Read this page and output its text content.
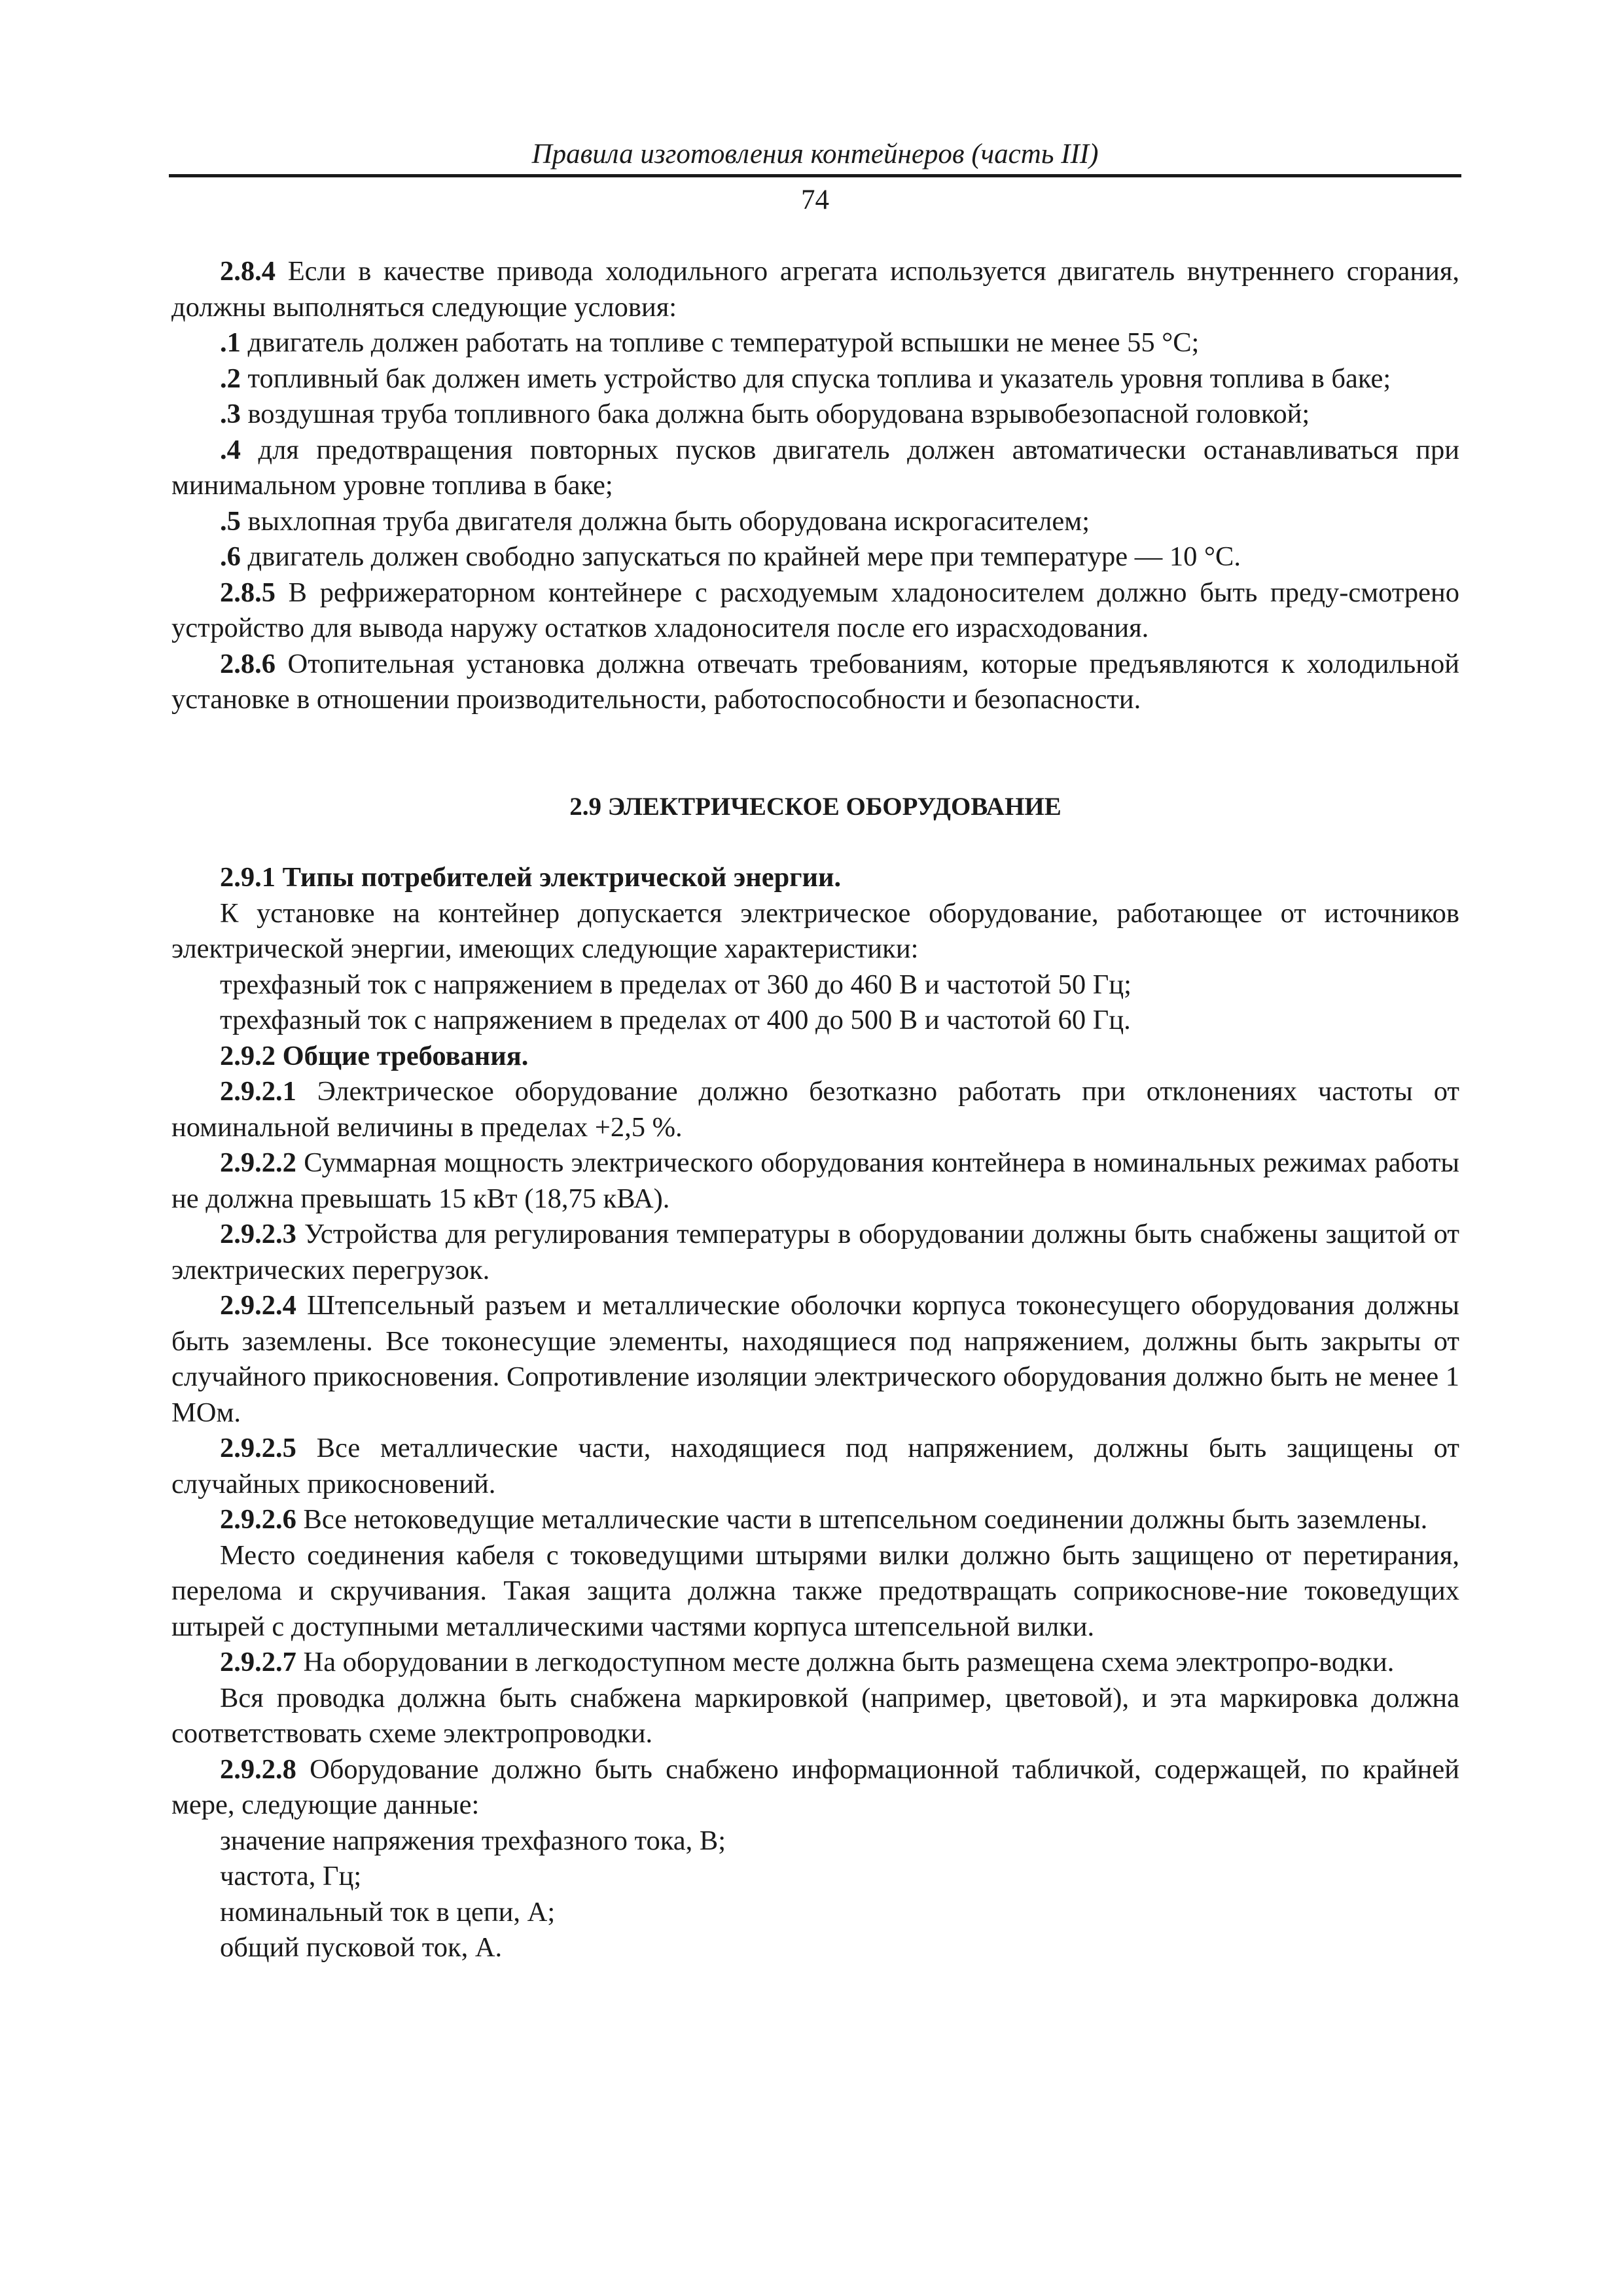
Правила изготовления контейнеров (часть III)
74

2.8.4 Если в качестве привода холодильного агрегата используется двигатель внутреннего сгорания, должны выполняться следующие условия:

.1 двигатель должен работать на топливе с температурой вспышки не менее 55 °С;

.2 топливный бак должен иметь устройство для спуска топлива и указатель уровня топлива в баке;

.3 воздушная труба топливного бака должна быть оборудована взрывобезопасной головкой;

.4 для предотвращения повторных пусков двигатель должен автоматически останавливаться при минимальном уровне топлива в баке;

.5 выхлопная труба двигателя должна быть оборудована искрогасителем;

.6 двигатель должен свободно запускаться по крайней мере при температуре — 10 °С.

2.8.5 В рефрижераторном контейнере с расходуемым хладоносителем должно быть преду-смотрено устройство для вывода наружу остатков хладоносителя после его израсходования.

2.8.6 Отопительная установка должна отвечать требованиям, которые предъявляются к холодильной установке в отношении производительности, работоспособности и безопасности.

2.9 ЭЛЕКТРИЧЕСКОЕ ОБОРУДОВАНИЕ

2.9.1 Типы потребителей электрической энергии.

К установке на контейнер допускается электрическое оборудование, работающее от источников электрической энергии, имеющих следующие характеристики:

трехфазный ток с напряжением в пределах от 360 до 460 В и частотой 50 Гц;

трехфазный ток с напряжением в пределах от 400 до 500 В и частотой 60 Гц.

2.9.2 Общие требования.

2.9.2.1 Электрическое оборудование должно безотказно работать при отклонениях частоты от номинальной величины в пределах +2,5 %.

2.9.2.2 Суммарная мощность электрического оборудования контейнера в номинальных режимах работы не должна превышать 15 кВт (18,75 кВА).

2.9.2.3 Устройства для регулирования температуры в оборудовании должны быть снабжены защитой от электрических перегрузок.

2.9.2.4 Штепсельный разъем и металлические оболочки корпуса токонесущего оборудования должны быть заземлены. Все токонесущие элементы, находящиеся под напряжением, должны быть закрыты от случайного прикосновения. Сопротивление изоляции электрического оборудования должно быть не менее 1 МОм.

2.9.2.5 Все металлические части, находящиеся под напряжением, должны быть защищены от случайных прикосновений.

2.9.2.6 Все нетоковедущие металлические части в штепсельном соединении должны быть заземлены.

Место соединения кабеля с токоведущими штырями вилки должно быть защищено от перетирания, перелома и скручивания. Такая защита должна также предотвращать соприкоснове-ние токоведущих штырей с доступными металлическими частями корпуса штепсельной вилки.

2.9.2.7 На оборудовании в легкодоступном месте должна быть размещена схема электропро-водки.

Вся проводка должна быть снабжена маркировкой (например, цветовой), и эта маркировка должна соответствовать схеме электропроводки.

2.9.2.8 Оборудование должно быть снабжено информационной табличкой, содержащей, по крайней мере, следующие данные:

значение напряжения трехфазного тока, В;

частота, Гц;

номинальный ток в цепи, А;

общий пусковой ток, А.
